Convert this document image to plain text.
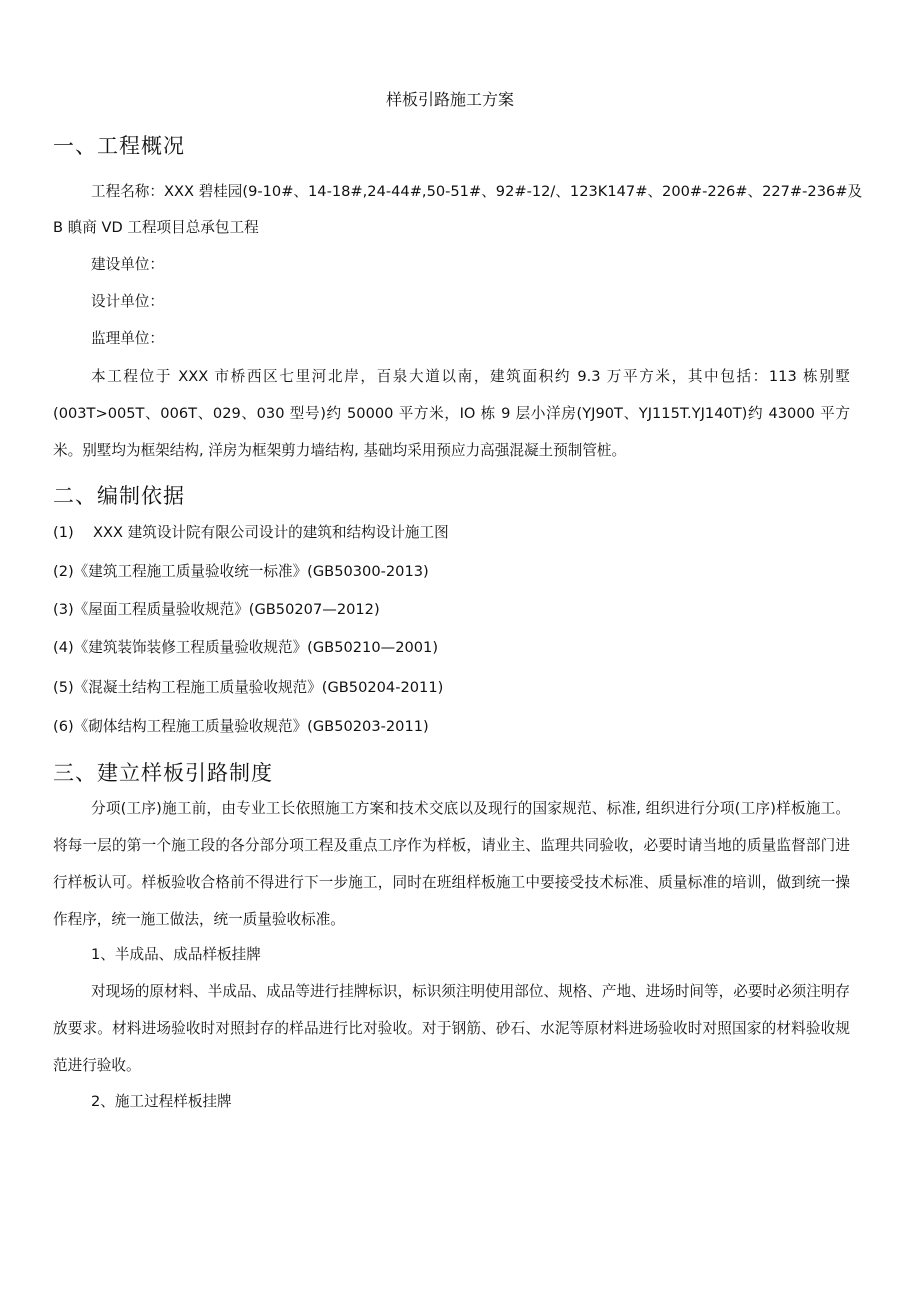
样板引路施工方案
一、工程概况
工程名称：XXX 碧桂园(9-10#、14-18#,24-44#,50-51#、92#-12/、123K147#、200#-226#、227#-236#及
B 瞋商 VD 工程项目总承包工程
建设单位：
设计单位：
监理单位：

本工程位于 XXX 市桥西区七里河北岸，百泉大道以南，建筑面积约 9.3 万平方米，其中包括：113 栋别墅(003T>005T、006T、029、030 型号)约 50000 平方米，IO 栋 9 层小洋房(YJ90T、YJ115T.YJ140T)约 43000 平方米。别墅均为框架结构, 洋房为框架剪力墙结构, 基础均采用预应力高强混凝土预制管桩。

二、编制依据
(1) XXX 建筑设计院有限公司设计的建筑和结构设计施工图
(2)《建筑工程施工质量验收统一标准》(GB50300-2013)
(3)《屋面工程质量验收规范》(GB50207—2012)
(4)《建筑装饰装修工程质量验收规范》(GB50210—2001)
(5)《混凝土结构工程施工质量验收规范》(GB50204-2011)
(6)《砌体结构工程施工质量验收规范》(GB50203-2011)
三、建立样板引路制度

分项(工序)施工前，由专业工长依照施工方案和技术交底以及现行的国家规范、标准, 组织进行分项(工序)样板施工。将每一层的第一个施工段的各分部分项工程及重点工序作为样板，请业主、监理共同验收，必要时请当地的质量监督部门进行样板认可。样板验收合格前不得进行下一步施工，同时在班组样板施工中要接受技术标准、质量标准的培训，做到统一操作程序，统一施工做法，统一质量验收标准。

1、半成品、成品样板挂牌

对现场的原材料、半成品、成品等进行挂牌标识，标识须注明使用部位、规格、产地、进场时间等，必要时必须注明存放要求。材料进场验收时对照封存的样品进行比对验收。对于钢筋、砂石、水泥等原材料进场验收时对照国家的材料验收规范进行验收。

2、施工过程样板挂牌
